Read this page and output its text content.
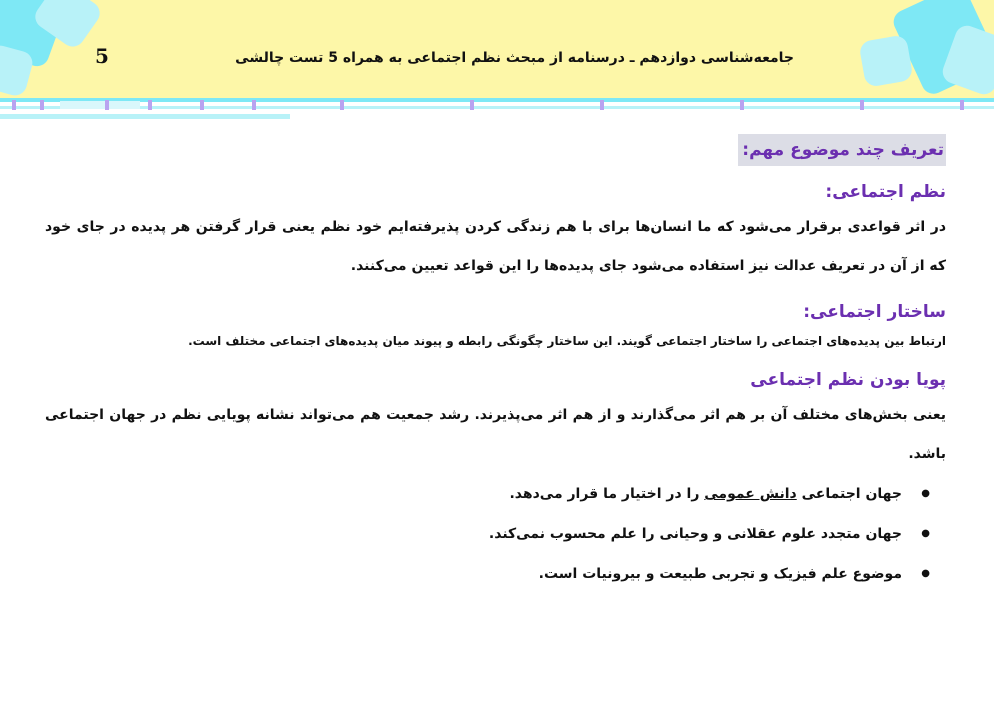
5	جامعه‌شناسی دوازدهم ـ درسنامه از مبحث نظم اجتماعی به همراه 5 تست چالشی
تعریف چند موضوع مهم:
نظم اجتماعی:
در اثر قواعدی برقرار می‌شود که ما انسان‌ها برای با هم زندگی کردن پذیرفته‌ایم خود نظم یعنی قرار گرفتن هر پدیده در جای خود که از آن در تعریف عدالت نیز استفاده می‌شود جای پدیده‌ها را این قواعد تعیین می‌کنند.
ساختار اجتماعی:
ارتباط بین پدیده‌های اجتماعی را ساختار اجتماعی گویند. این ساختار چگونگی رابطه و پیوند میان پدیده‌های اجتماعی مختلف است.
پویا بودن نظم اجتماعی
یعنی بخش‌های مختلف آن بر هم اثر می‌گذارند و از هم اثر می‌پذیرند. رشد جمعیت هم می‌تواند نشانه پویایی نظم در جهان اجتماعی باشد.
● جهان اجتماعی دانش عمومی را در اختیار ما قرار می‌دهد.
● جهان متجدد علوم عقلانی و وحیانی را علم محسوب نمی‌کند.
● موضوع علم فیزیک و تجربی طبیعت و بیرونیات است.
